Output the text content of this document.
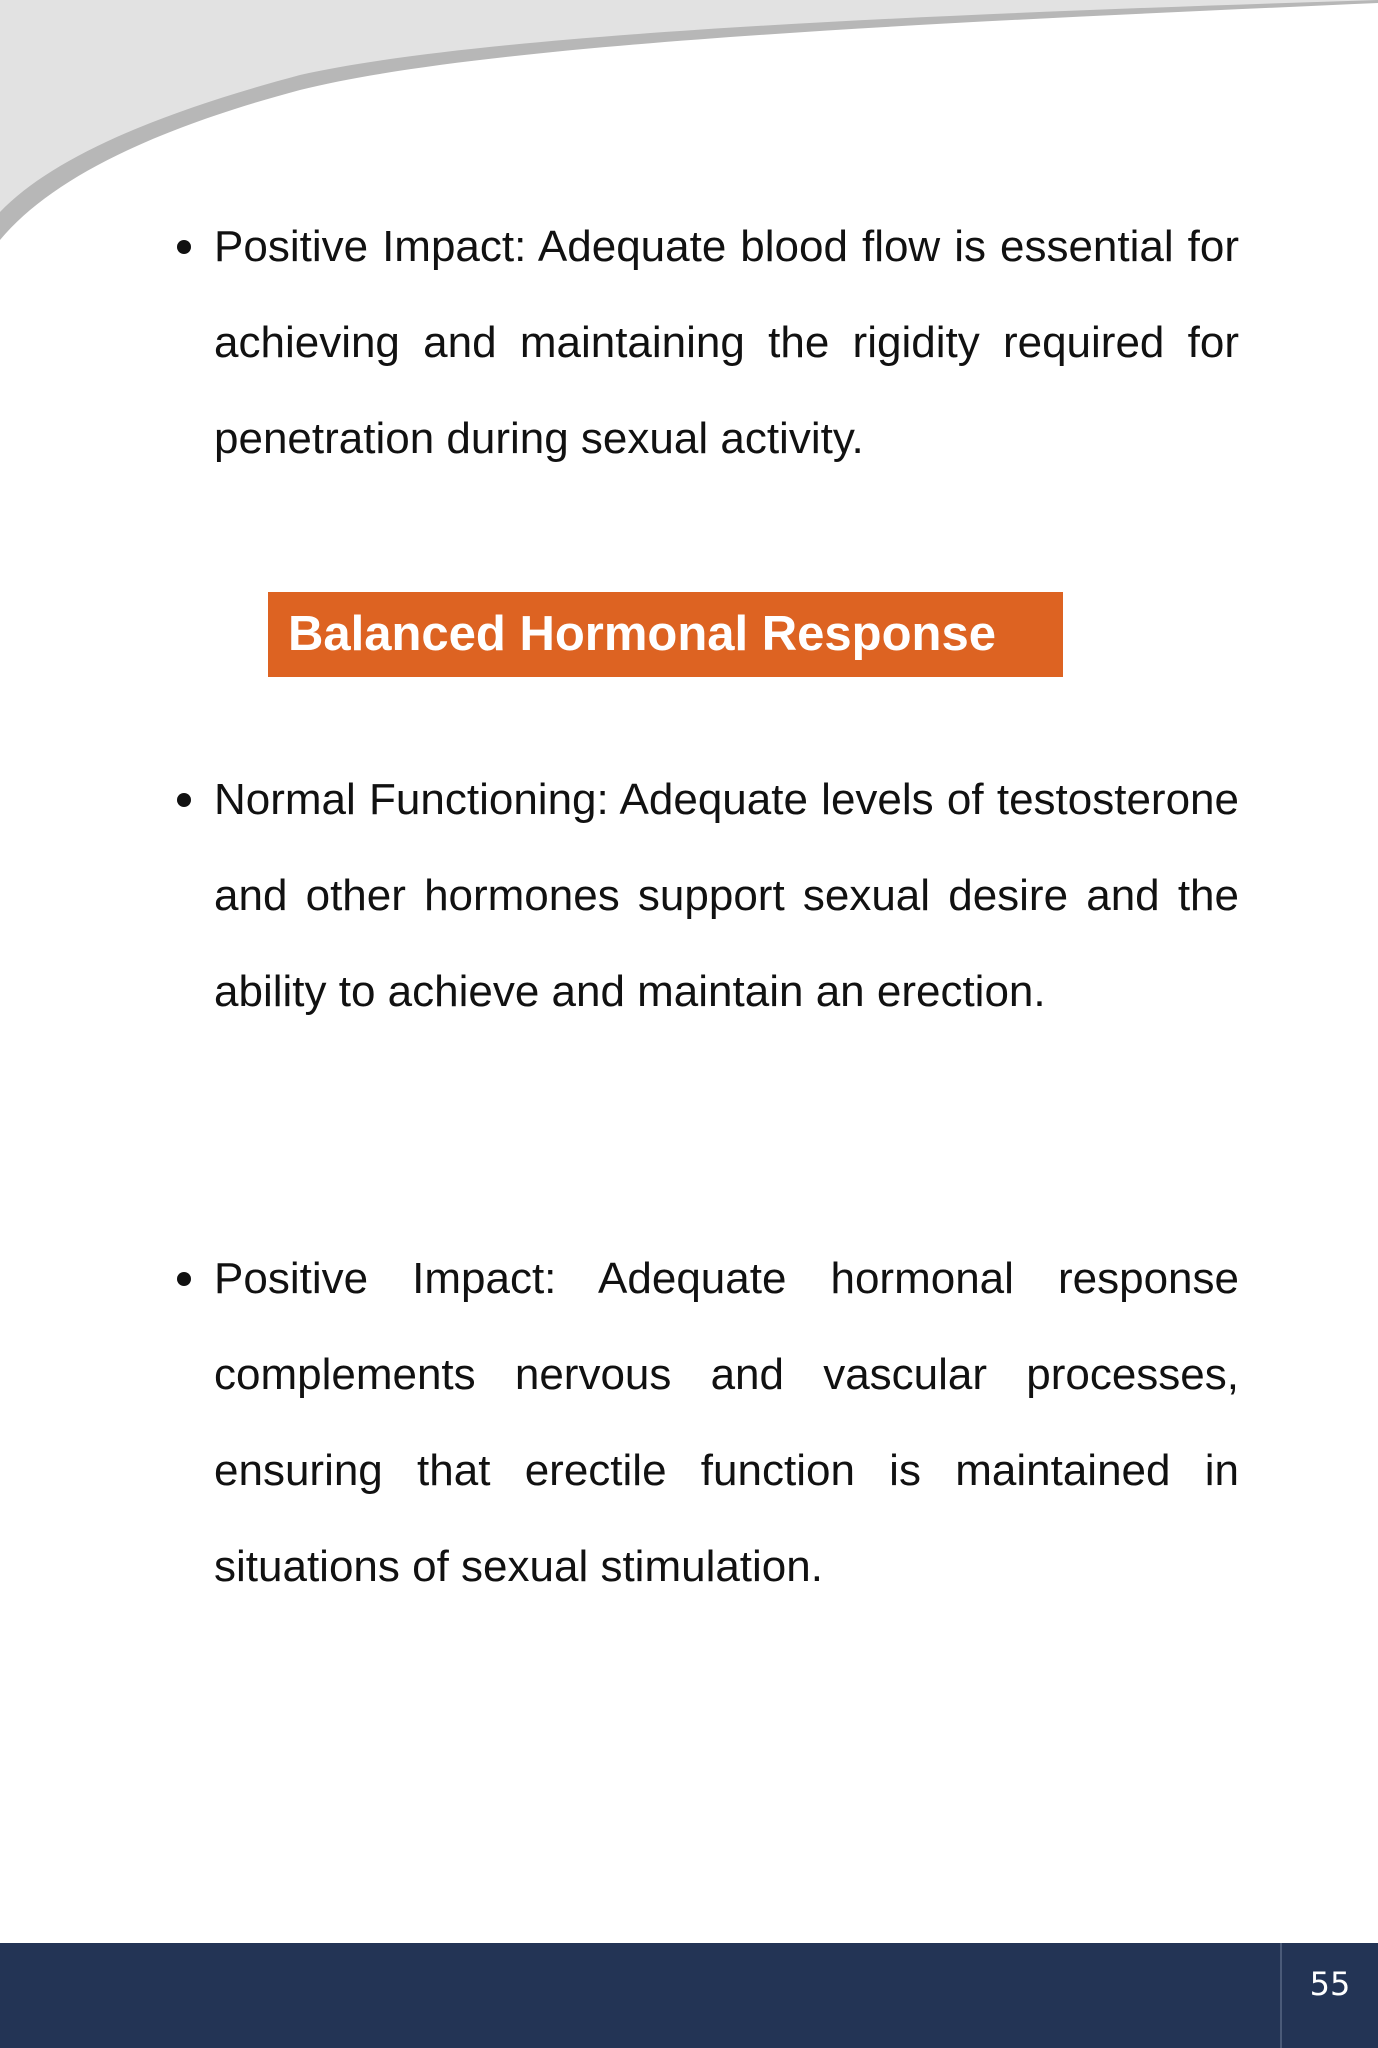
Positive Impact: Adequate blood flow is essential for achieving and maintaining the rigidity required for penetration during sexual activity.
Balanced Hormonal Response
Normal Functioning: Adequate levels of testosterone and other hormones support sexual desire and the ability to achieve and maintain an erection.
Positive Impact: Adequate hormonal response complements nervous and vascular processes, ensuring that erectile function is maintained in situations of sexual stimulation.
55
